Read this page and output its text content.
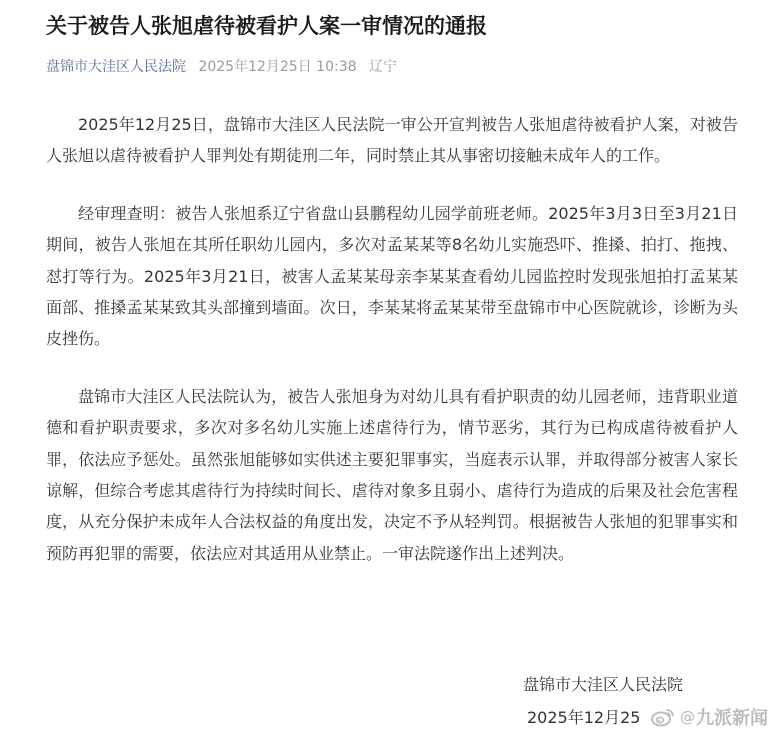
关于被告人张旭虐待被看护人案一审情况的通报
盘锦市大洼区人民法院 2025年12月25日 10:38 辽宁

2025年12月25日，盘锦市大洼区人民法院一审公开宣判被告人张旭虐待被看护人案，对被告人张旭以虐待被看护人罪判处有期徒刑二年，同时禁止其从事密切接触未成年人的工作。

经审理查明：被告人张旭系辽宁省盘山县鹏程幼儿园学前班老师。2025年3月3日至3月21日期间，被告人张旭在其所任职幼儿园内，多次对孟某某等8名幼儿实施恐吓、推搡、拍打、拖拽、怼打等行为。2025年3月21日，被害人孟某某母亲李某某查看幼儿园监控时发现张旭拍打孟某某面部、推搡孟某某致其头部撞到墙面。次日，李某某将孟某某带至盘锦市中心医院就诊，诊断为头皮挫伤。

盘锦市大洼区人民法院认为，被告人张旭身为对幼儿具有看护职责的幼儿园老师，违背职业道德和看护职责要求，多次对多名幼儿实施上述虐待行为，情节恶劣，其行为已构成虐待被看护人罪，依法应予惩处。虽然张旭能够如实供述主要犯罪事实，当庭表示认罪，并取得部分被害人家长谅解，但综合考虑其虐待行为持续时间长、虐待对象多且弱小、虐待行为造成的后果及社会危害程度，从充分保护未成年人合法权益的角度出发，决定不予从轻判罚。根据被告人张旭的犯罪事实和预防再犯罪的需要，依法应对其适用从业禁止。一审法院遂作出上述判决。

盘锦市大洼区人民法院
2025年12月25	@ 九派新闻
